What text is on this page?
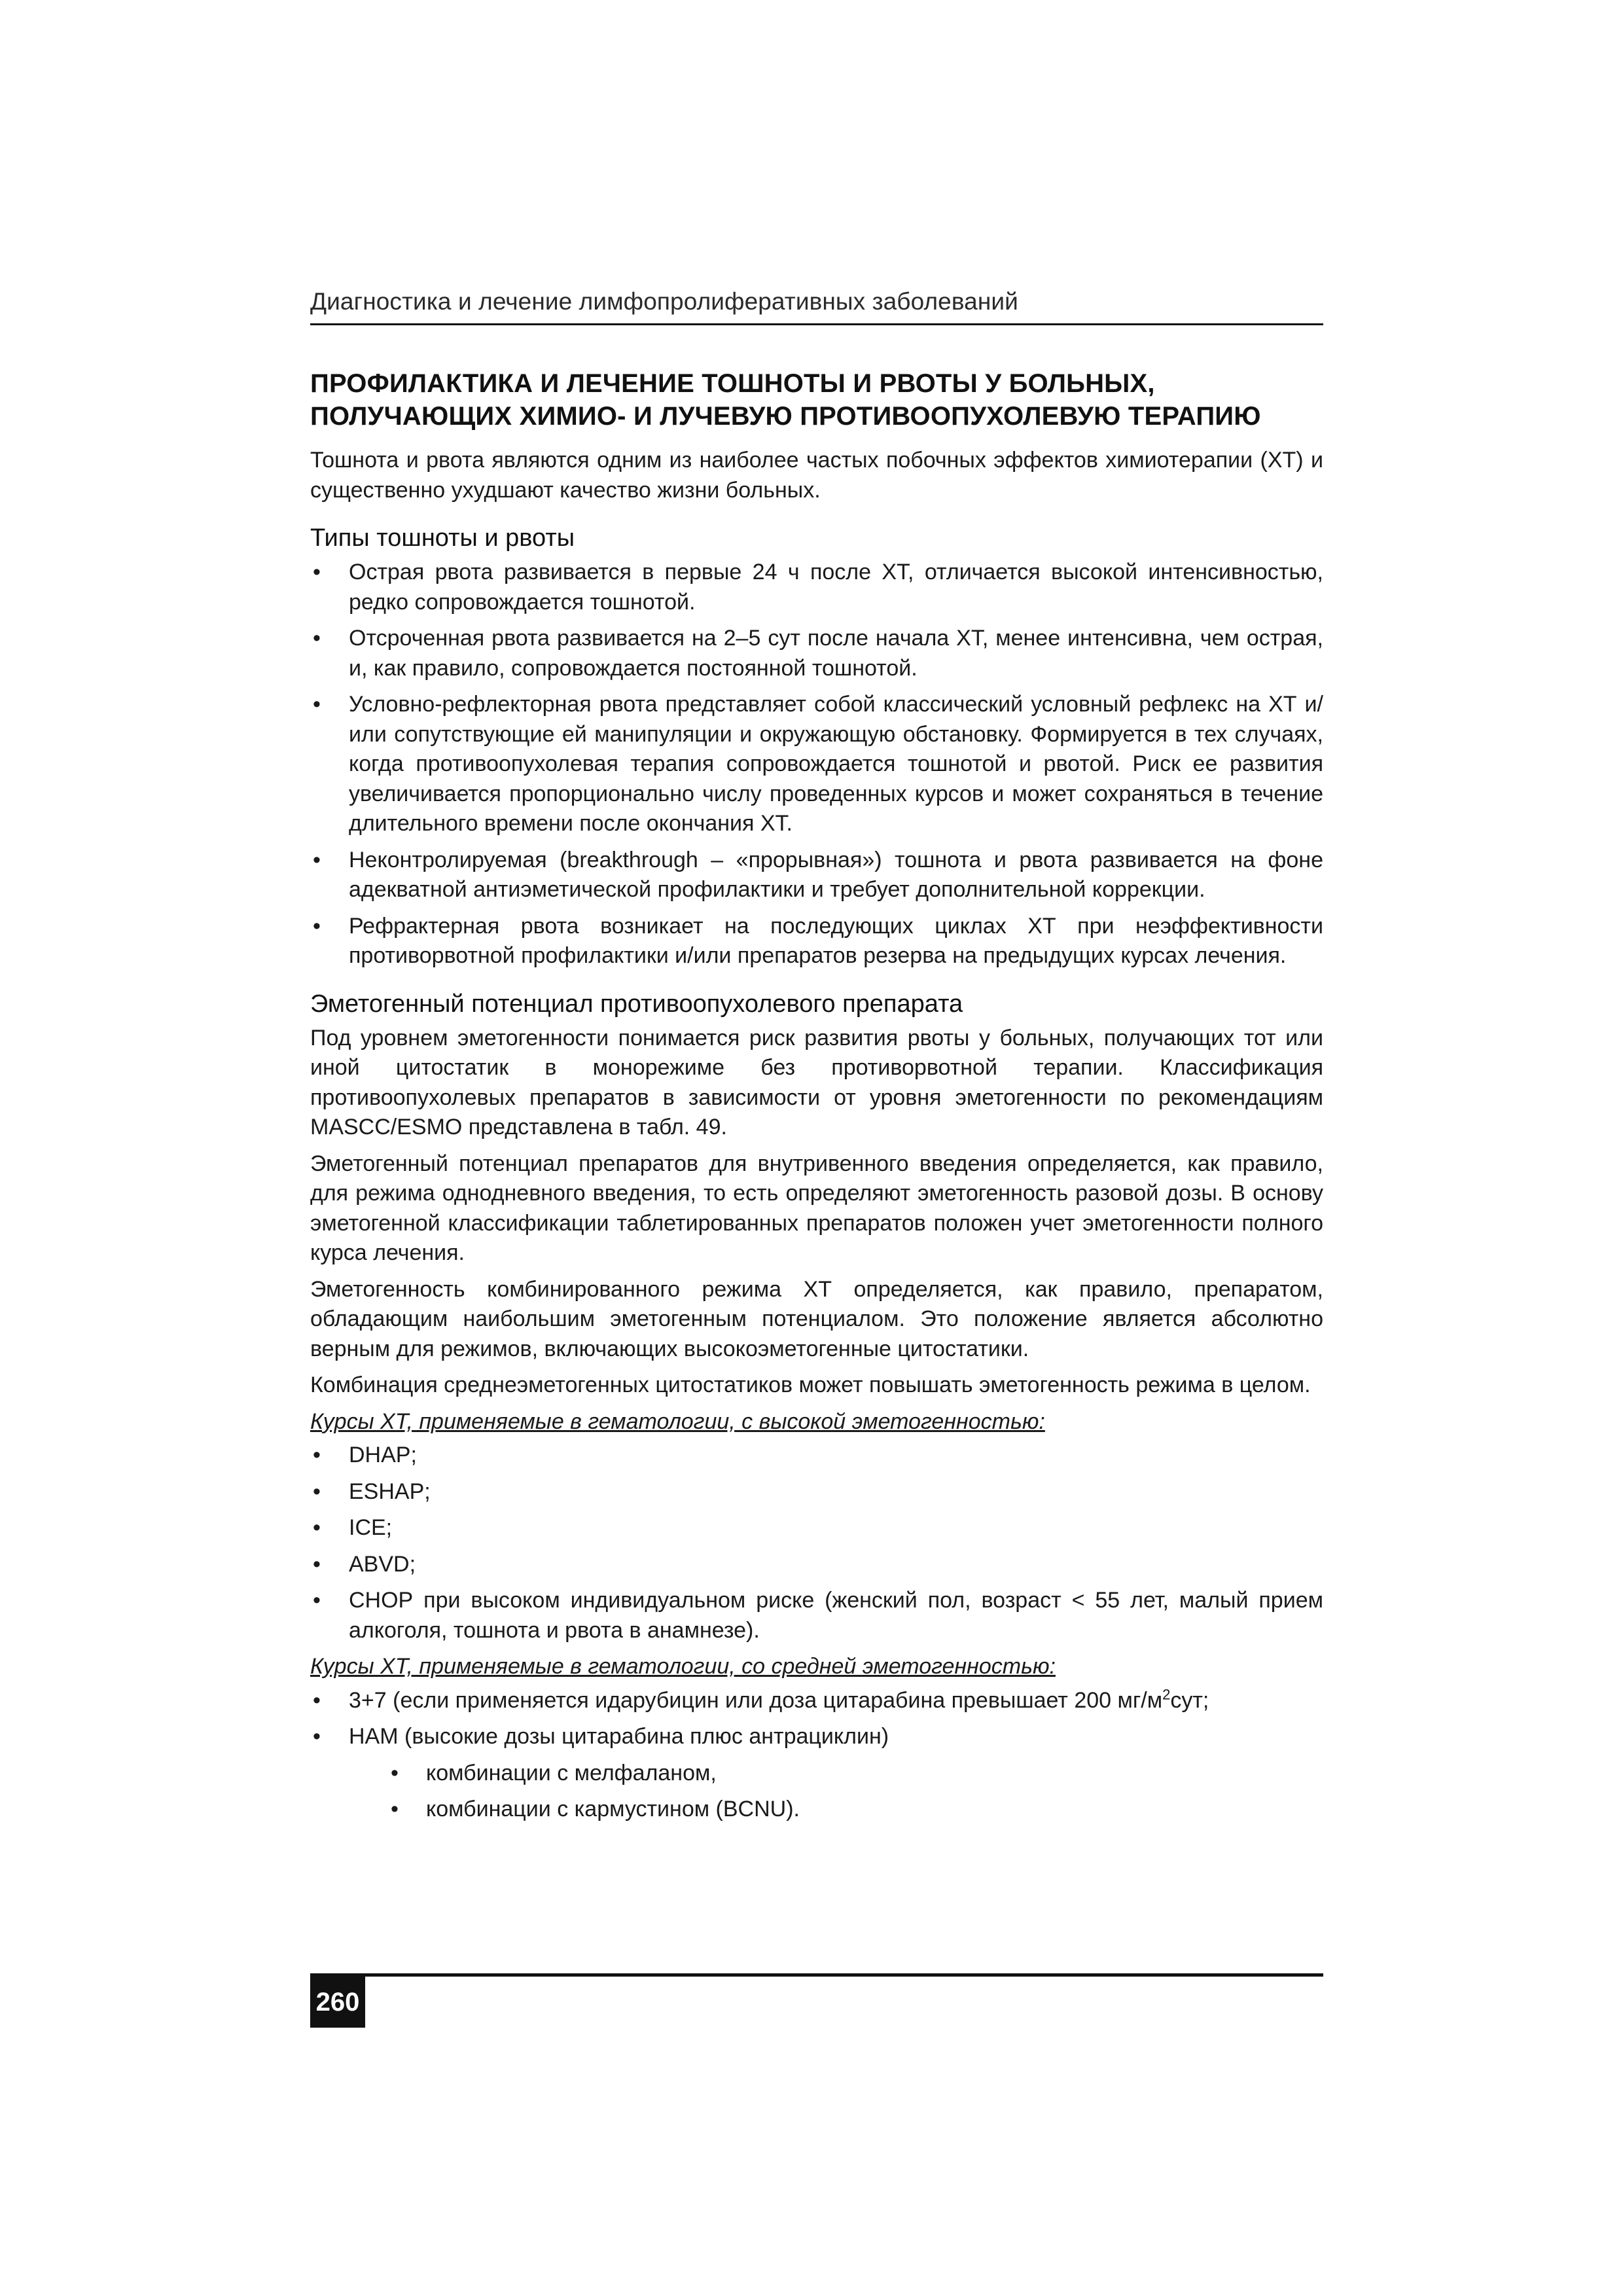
Диагностика и лечение лимфопролиферативных заболеваний
ПРОФИЛАКТИКА И ЛЕЧЕНИЕ ТОШНОТЫ И РВОТЫ У БОЛЬНЫХ,
ПОЛУЧАЮЩИХ ХИМИО- И ЛУЧЕВУЮ ПРОТИВООПУХОЛЕВУЮ ТЕРАПИЮ

Тошнота и рвота являются одним из наиболее частых побочных эффектов химиотерапии (ХТ) и существенно ухудшают качество жизни больных.

Типы тошноты и рвоты
• Острая рвота развивается в первые 24 ч после ХТ, отличается высокой интенсивностью, редко сопровождается тошнотой.
• Отсроченная рвота развивается на 2–5 сут после начала ХТ, менее интенсивна, чем острая, и, как правило, сопровождается постоянной тошнотой.
• Условно-рефлекторная рвота представляет собой классический условный рефлекс на ХТ и/или сопутствующие ей манипуляции и окружающую обстановку. Формируется в тех случаях, когда противоопухолевая терапия сопровождается тошнотой и рвотой. Риск ее развития увеличивается пропорционально числу проведенных курсов и может сохраняться в течение длительного времени после окончания ХТ.
• Неконтролируемая (breakthrough – «прорывная») тошнота и рвота развивается на фоне адекватной антиэметической профилактики и требует дополнительной коррекции.
• Рефрактерная рвота возникает на последующих циклах ХТ при неэффективности противорвотной профилактики и/или препаратов резерва на предыдущих курсах лечения.
Эметогенный потенциал противоопухолевого препарата

Под уровнем эметогенности понимается риск развития рвоты у больных, получающих тот или иной цитостатик в монорежиме без противорвотной терапии. Классификация противоопухолевых препаратов в зависимости от уровня эметогенности по рекомендациям MASCC/ESMO представлена в табл. 49.

Эметогенный потенциал препаратов для внутривенного введения определяется, как правило, для режима однодневного введения, то есть определяют эметогенность разовой дозы. В основу эметогенной классификации таблетированных препаратов положен учет эметогенности полного курса лечения.

Эметогенность комбинированного режима ХТ определяется, как правило, препаратом, обладающим наибольшим эметогенным потенциалом. Это положение является абсолютно верным для режимов, включающих высокоэметогенные цитостатики.

Комбинация среднеэметогенных цитостатиков может повышать эметогенность режима в целом.

Курсы ХТ, применяемые в гематологии, с высокой эметогенностью:
• DHAP;
• ESHAP;
• ICE;
• ABVD;
• СНОР при высоком индивидуальном риске (женский пол, возраст < 55 лет, малый прием алкоголя, тошнота и рвота в анамнезе).
Курсы ХТ, применяемые в гематологии, со средней эметогенностью:
• 3+7 (если применяется идарубицин или доза цитарабина превышает 200 $мг/м^2сут$;
• НАМ (высокие дозы цитарабина плюс антрациклин)
• комбинации с мелфаланом,
• комбинации с кармустином (BCNU).
260
